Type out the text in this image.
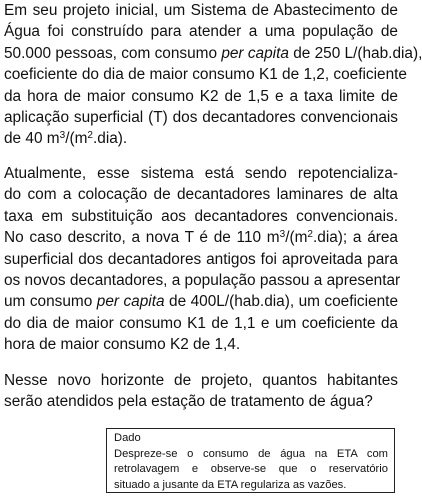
Em seu projeto inicial, um Sistema de Abastecimento de
Água foi construído para atender a uma população de
50.000 pessoas, com consumo per capita de 250 L/(hab.dia),
coeficiente do dia de maior consumo K1 de 1,2, coeficiente
da hora de maior consumo K2 de 1,5 e a taxa limite de
aplicação superficial (T) dos decantadores convencionais
de 40 $m^3/(m^2.dia)$.

Atualmente, esse sistema está sendo repotencializa-
do com a colocação de decantadores laminares de alta
taxa em substituição aos decantadores convencionais.
No caso descrito, a nova T é de 110 $m^3/(m^2.dia)$; a área
superficial dos decantadores antigos foi aproveitada para
os novos decantadores, a população passou a apresentar
um consumo per capita de 400L/(hab.dia), um coeficiente
do dia de maior consumo K1 de 1,1 e um coeficiente da
hora de maior consumo K2 de 1,4.

Nesse novo horizonte de projeto, quantos habitantes
serão atendidos pela estação de tratamento de água?

Dado
Despreze-se o consumo de água na ETA com
retrolavagem e observe-se que o reservatório
situado a jusante da ETA regulariza as vazões.
